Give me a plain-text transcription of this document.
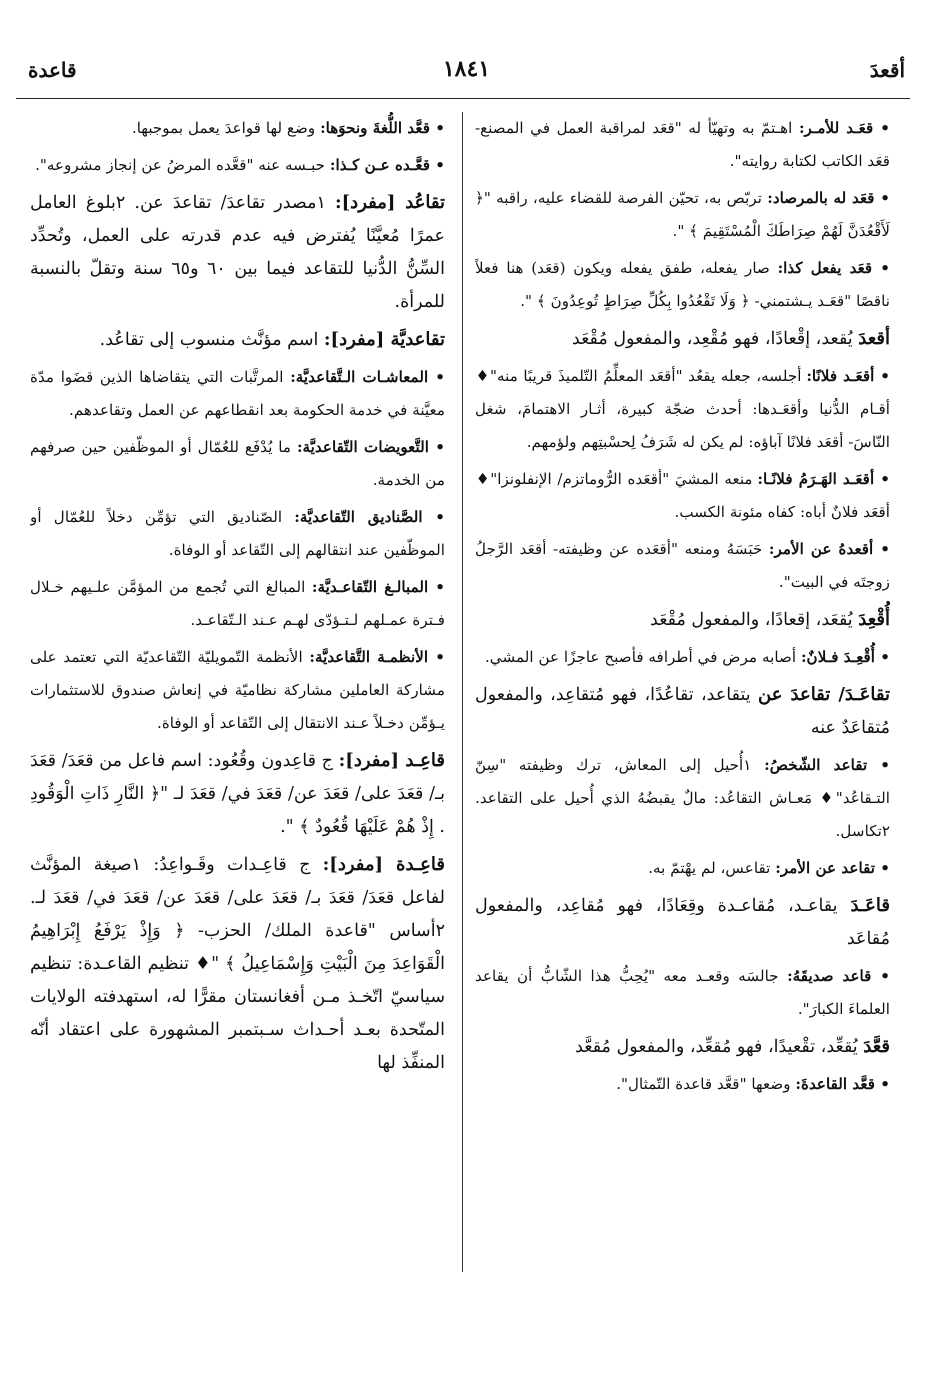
أقعدَ
١٨٤١
قاعدة

• قعَـد للأمـر: اهـتمّ به وتهيّأ له "قعَد لمراقبة العمل في المصنع- قعَد الكاتب لكتابة روايته".

• قعَد له بالمرصاد: تربّص به، تحيّن الفرصة للقضاء عليه، راقبه "﴿ لَأَقْعُدَنَّ لَهُمْ صِرَاطَكَ الْمُسْتَقِيمَ ﴾ ".

• قعَد يفعل كذا: صار يفعله، طفق يفعله ويكون (قعَد) هنا فعلاً ناقصًا "قعَـد يـشتمني- ﴿ وَلَا تَقْعُدُوا بِكُلِّ صِرَاطٍ تُوعِدُونَ ﴾ ".

أقعدَ يُقعد، إقْعادًا، فهو مُقْعِد، والمفعول مُقْعَد

• أقعَـد فلانًا: أجلسه، جعله يقعُد "أقعَد المعلِّمُ التّلميذَ قريبًا منه"♦ أقـام الدُّنيا وأقعَـدها: أحدث ضجّة كبيرة، أثـار الاهتمامَ، شغل النّاسَ- أقعَد فلانًا آباؤه: لم يكن له شَرَفُ لِحسْبتِهم ولؤمهم.

• أقعَـد الهَـرَمُ فلانًـا: منعه المشيَ "أقعَده الرُّوماتزم/ الإنفلونزا"♦ أقعَد فلانٌ أباه: كفاه مئونة الكسب.

• أقعدهُ عن الأمر: حَبَسَهُ ومنعه "أقعَده عن وظيفته- أقعَد الرَّجلُ زوجتَه في البيت".

أُقْعِدَ يُقعَد، إقعادًا، والمفعول مُقْعَد

• أُقْعِـدَ فـلانٌ: أصابه مرض في أطرافه فأصبح عاجزًا عن المشي.

تقاعَـدَ/ تقاعدَ عن يتقاعد، تقاعُدًا، فهو مُتقاعِد، والمفعول مُتقاعَدٌ عنه

• تقاعد الشّخصُ: ١أُحيل إلى المعاش، ترك وظيفته "سِنّ التـقاعُد"♦ مَعـاش التقاعُد: مالٌ يقبضُهُ الذي أُحيل على التقاعد. ٢تكاسل.

• تقاعد عن الأمر: تقاعس، لم يهْتمّ به.

قاعَـدَ يقاعـد، مُقاعـدة وقِعَادًا، فهو مُقاعِد، والمفعول مُقاعَد

• قاعد صديقَهُ: جالسَه وقعـد معه "يُحِبُّ هذا الشّابُّ أن يقاعد العلماءَ الكبارَ".

قعَّدَ يُقعِّد، تقْعيدًا، فهو مُقعِّد، والمفعول مُقعَّد

• قعَّد القاعدةَ: وضعها "قعَّد قاعدة التّمثال".

• قعَّد اللُّغةَ ونحوَها: وضع لها قواعدَ يعمل بموجبها.

• قعَّـده عـن كـذا: حبـسه عنه "قعَّده المرضُ عن إنجاز مشروعه".

تقاعُد [مفرد]: ١مصدر تقاعدَ/ تقاعدَ عن. ٢بلوغ العامل عمرًا مُعيَّنًا يُفترض فيه عدم قدرته على العمل، وتُحدِّد السِّنُّ الدُّنيا للتقاعد فيما بين ٦٠ و٦٥ سنة وتقلّ بالنسبة للمرأة.

تقاعديَّة [مفرد]: اسم مؤنَّث منسوب إلى تقاعُد.

• المعاشـات الـتَّقاعديَّة: المرتَّبات التي يتقاضاها الذين قضَوا مدّة معيَّنة في خدمة الحكومة بعد انقطاعهم عن العمل وتقاعدهم.

• التَّعويضات التّقاعديَّة: ما يُدْفَع للعُمّال أو الموظّفين حين صرفهم من الخدمة.

• الصَّناديق التّقاعديَّة: الصّناديق التي تؤمِّن دخلاً للعُمّال أو الموظّفين عند انتقالهم إلى التّقاعد أو الوفاة.

• المبالـغ التّقاعـديَّة: المبالغ التي تُجمع من المؤمَّن علـيهم خـلال فـترة عمـلهم لـتـؤدّى لهـم عـند الـتّقاعـد.

• الأنظمـة التَّقاعديَّة: الأنظمة التّمويليّة التّقاعديّة التي تعتمد على مشاركة العاملين مشاركة نظاميّة في إنعاش صندوق للاستثمارات يـؤمِّن دخـلاً عـند الانتقال إلى التّقاعد أو الوفاة.

قاعِـد [مفرد]: ج قاعِدون وقُعُود: اسم فاعل من قعَدَ/ قعَدَ بـ/ قعَدَ على/ قعَدَ عن/ قعَدَ في/ قعَدَ لـ "﴿ النَّارِ ذَاتِ الْوَقُودِ . إِذْ هُمْ عَلَيْهَا قُعُودٌ ﴾ ".

قاعِـدة [مفرد]: ج قاعِـدات وقَـواعِدُ: ١صيغة المؤنَّث لفاعل قعَدَ/ قعَدَ بـ/ قعَدَ على/ قعَدَ عن/ قعَدَ في/ قعَدَ لـ. ٢أساس "قاعدة الملك/ الحزب- ﴿ وَإِذْ يَرْفَعُ إِبْرَاهِيمُ الْقَوَاعِدَ مِنَ الْبَيْتِ وَإِسْمَاعِيلُ ﴾ "♦ تنظيم القاعـدة: تنظيم سياسيّ اتّخـذ مـن أفغانستان مقرًّا له، استهدفته الولايات المتّحدة بعـد أحـداث سـبتمبر المشهورة على اعتقاد أنّه المنفِّذ لها
